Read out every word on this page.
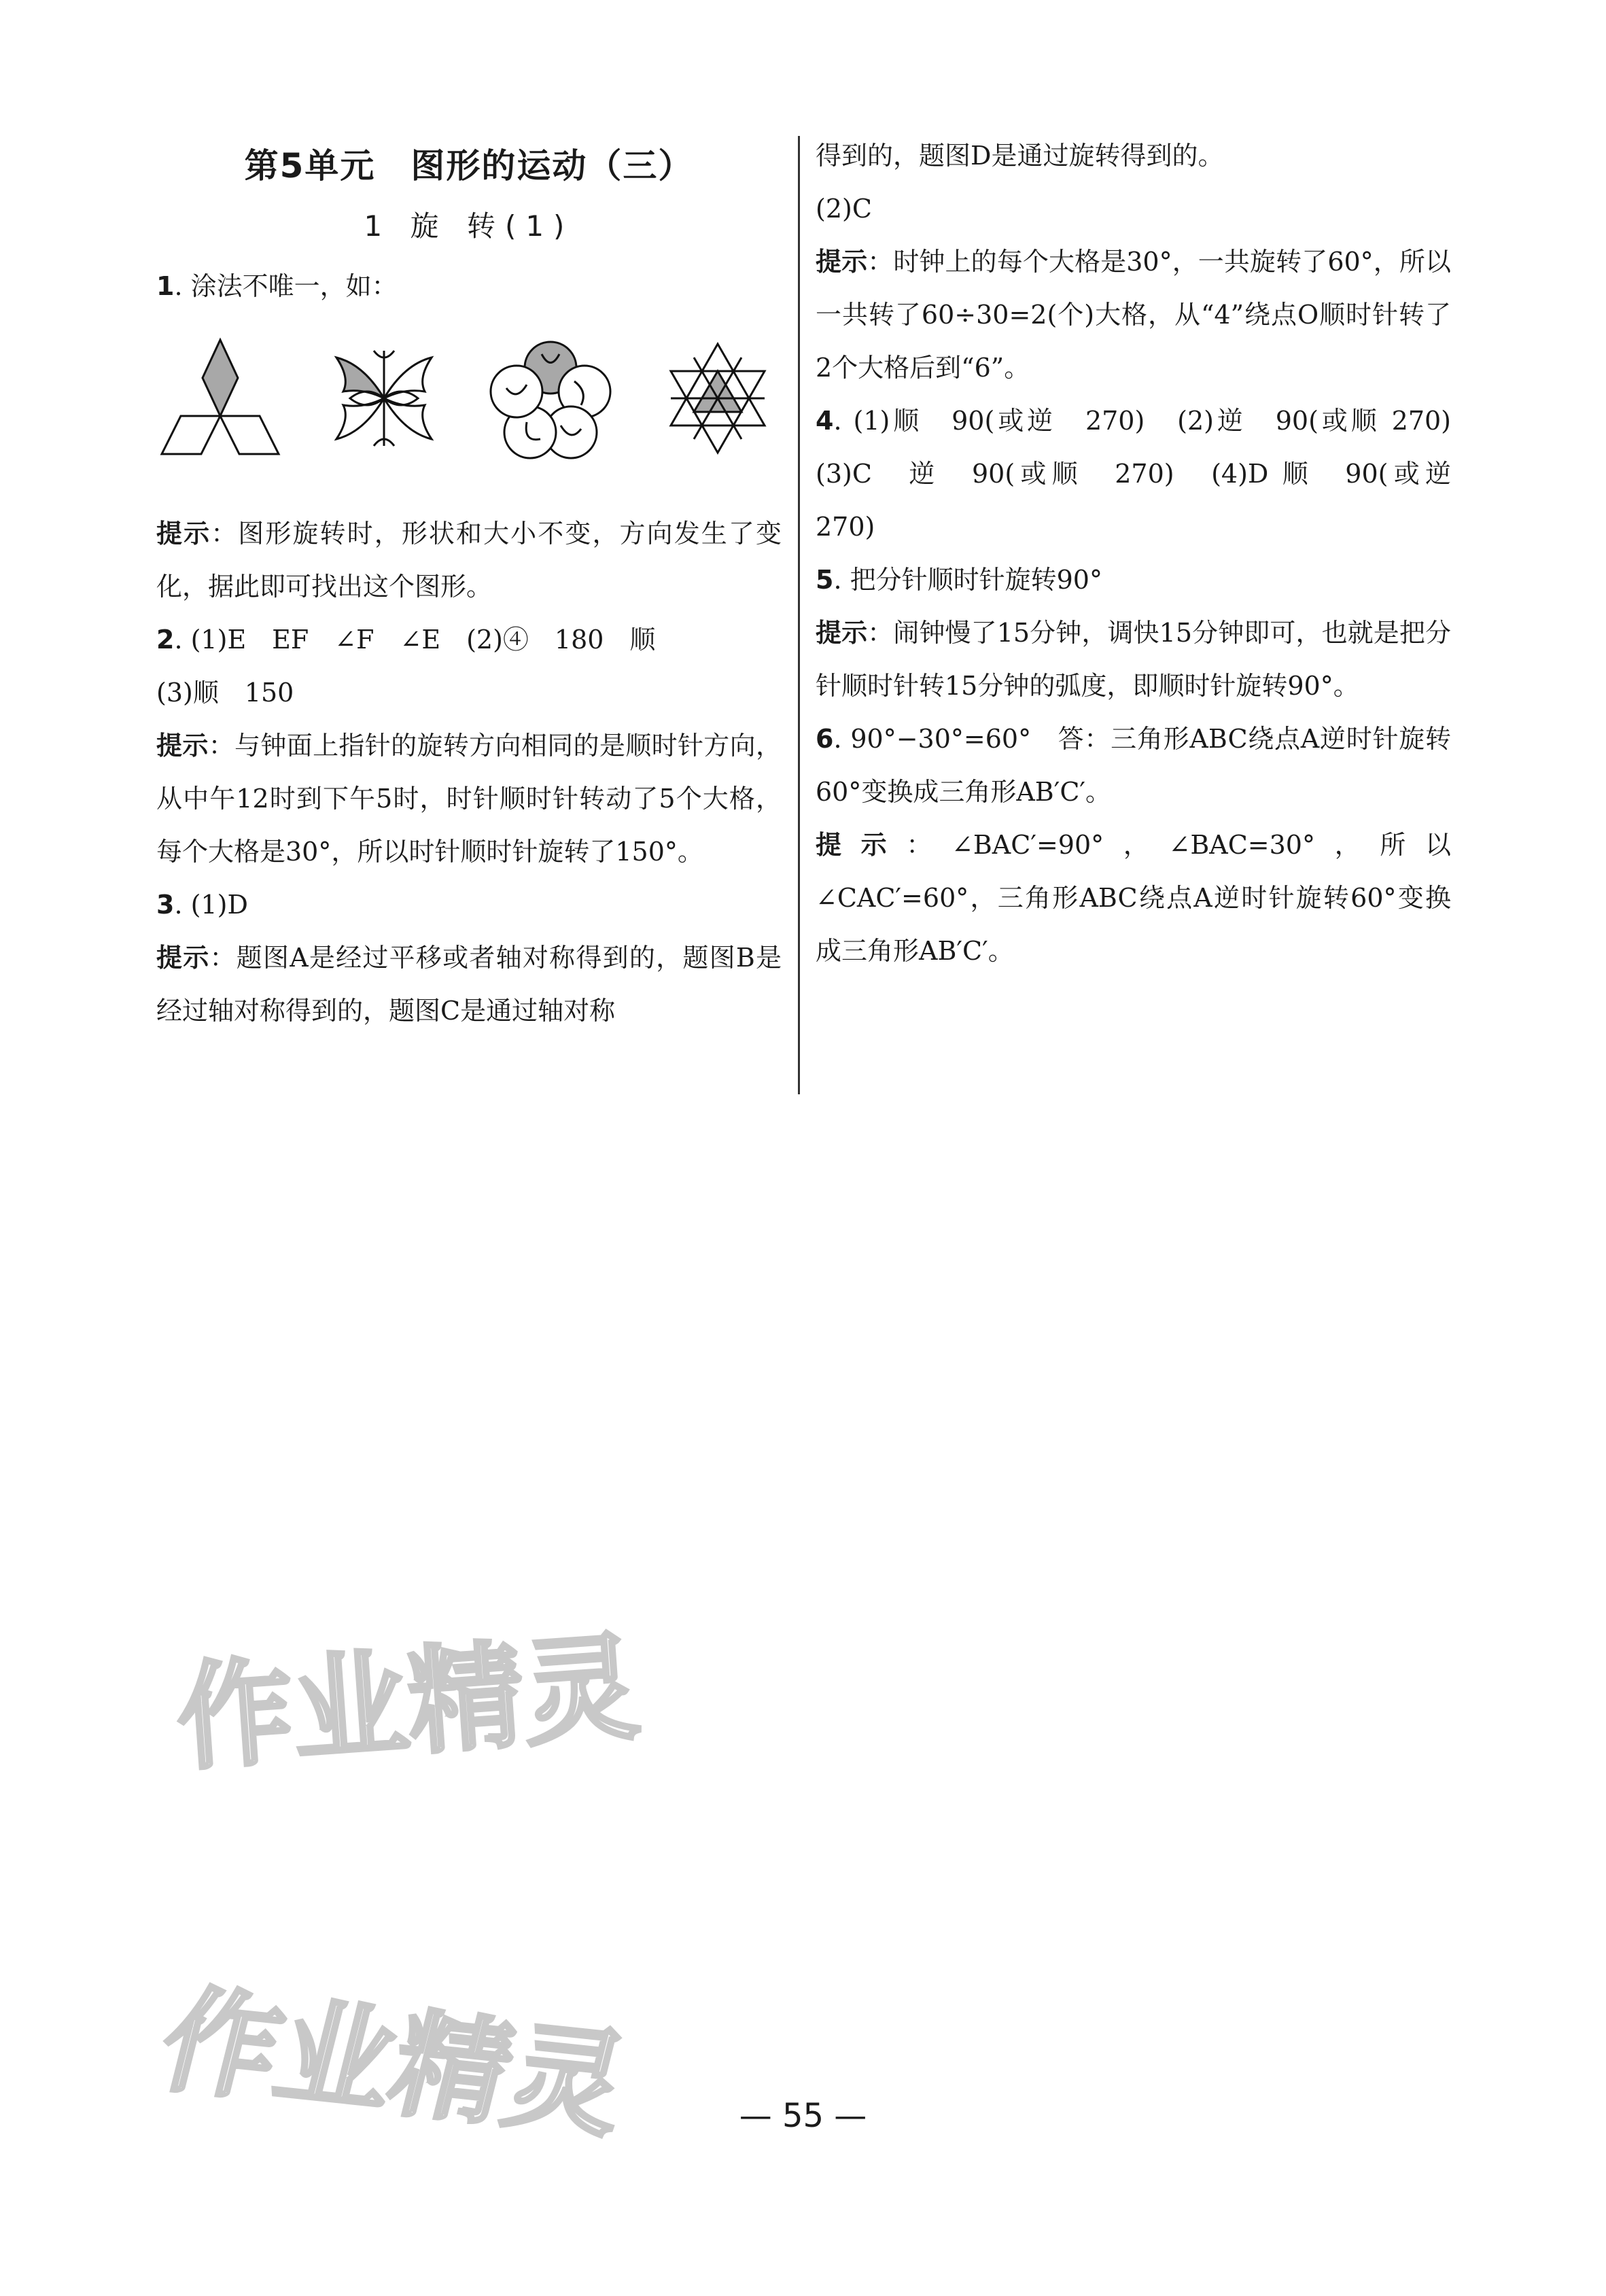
第5单元　图形的运动（三）
1 旋 转(1)

1. 涂法不唯一，如：

提示：图形旋转时，形状和大小不变，方向发生了变化，据此即可找出这个图形。

2. (1)E　EF　∠F　∠E　(2)④　180　顺

(3)顺　150

提示：与钟面上指针的旋转方向相同的是顺时针方向，从中午12时到下午5时，时针顺时针转动了5个大格，每个大格是30°，所以时针顺时针旋转了150°。

3. (1)D

提示：题图A是经过平移或者轴对称得到的，题图B是经过轴对称得到的，题图C是通过轴对称

得到的，题图D是通过旋转得到的。

(2)C

提示：时钟上的每个大格是30°，一共旋转了60°，所以一共转了60÷30=2(个)大格，从“4”绕点O顺时针转了2个大格后到“6”。

4. (1)顺　90(或逆　270)　(2)逆　90(或顺 270)　(3)C　逆　90(或顺　270)　(4)D 顺　90(或逆　270)

5. 把分针顺时针旋转90°

提示：闹钟慢了15分钟，调快15分钟即可，也就是把分针顺时针转15分钟的弧度，即顺时针旋转90°。

6. 90°−30°=60°　答：三角形ABC绕点A逆时针旋转60°变换成三角形AB′C′。

提示：∠BAC′=90°，∠BAC=30°，所以∠CAC′=60°，三角形ABC绕点A逆时针旋转60°变换成三角形AB′C′。

作业精灵
作业精灵	— 55 —
